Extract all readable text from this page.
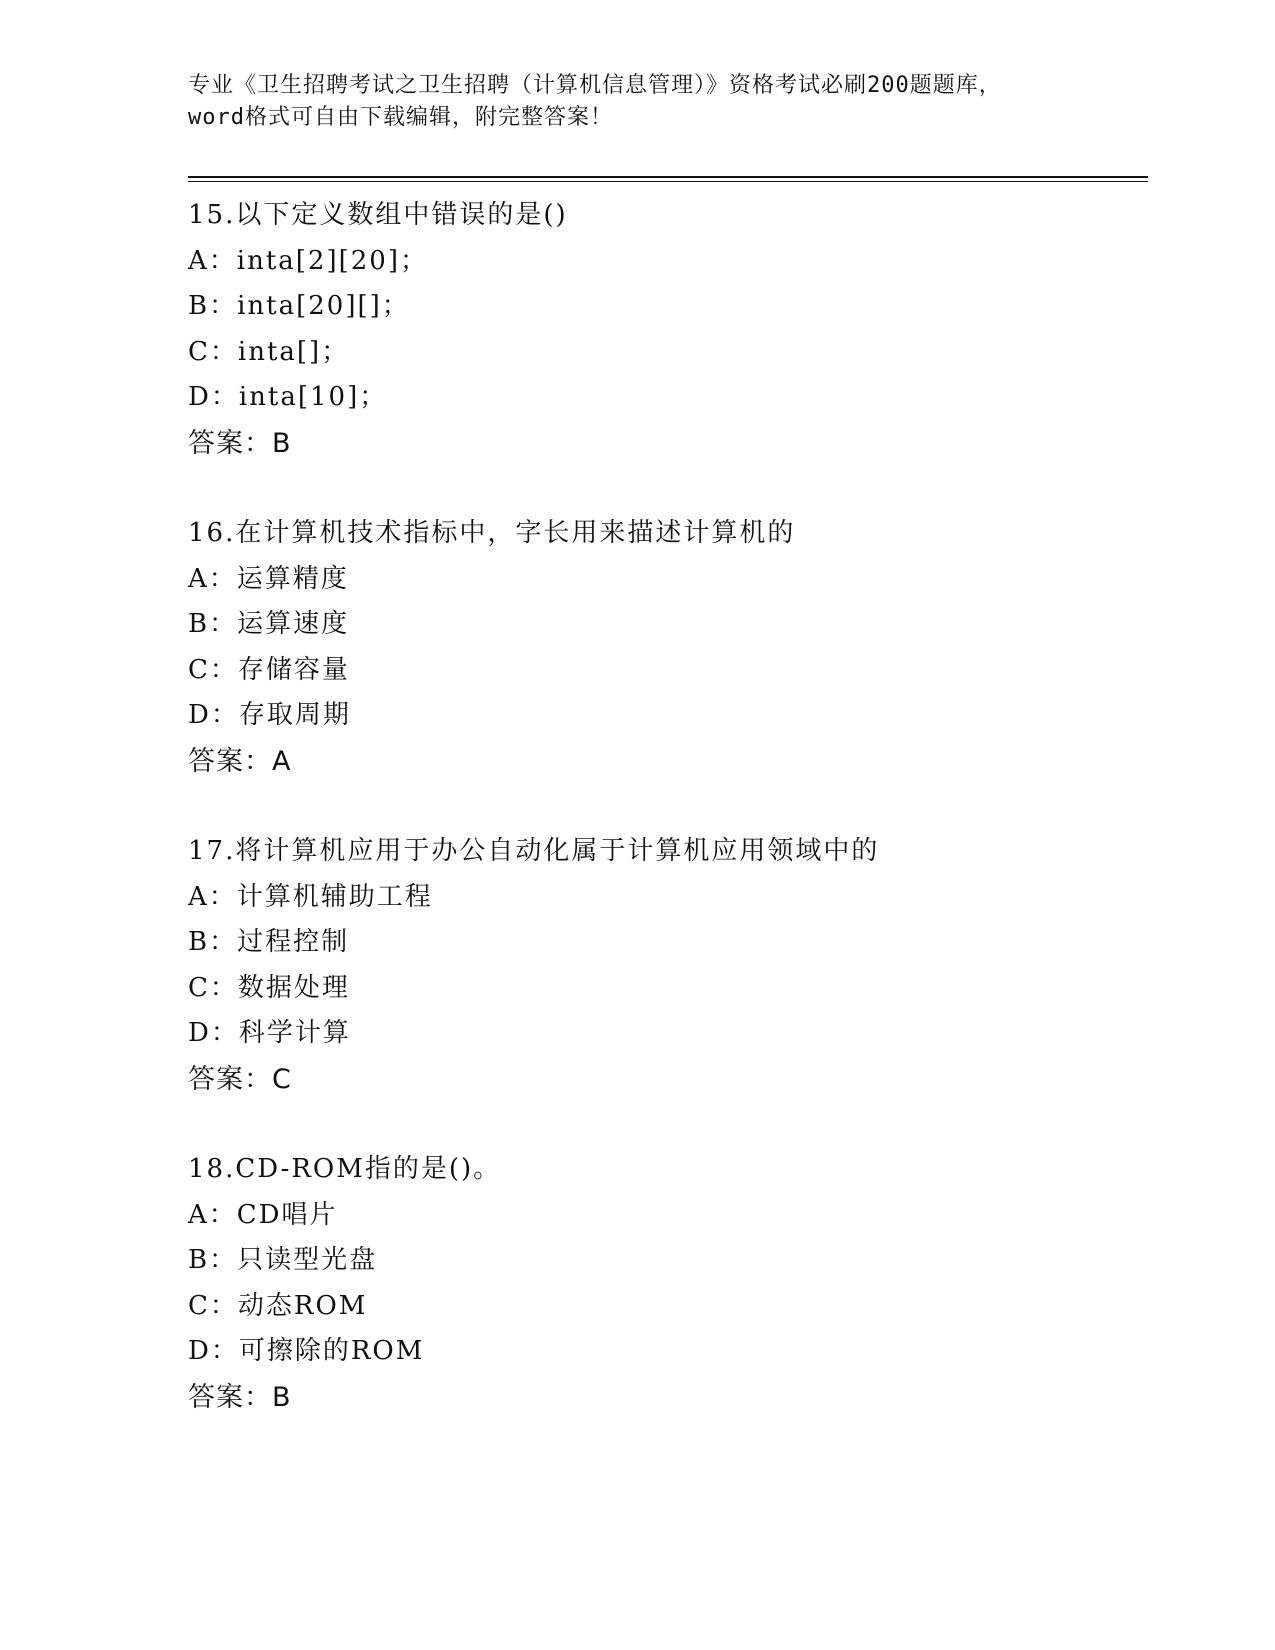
专业《卫生招聘考试之卫生招聘（计算机信息管理）》资格考试必刷200题题库，
word格式可自由下载编辑，附完整答案！
15.以下定义数组中错误的是()
A：inta[2][20]；
B：inta[20][]；
C：inta[]；
D：inta[10]；
答案：B
16.在计算机技术指标中，字长用来描述计算机的
A：运算精度
B：运算速度
C：存储容量
D：存取周期
答案：A
17.将计算机应用于办公自动化属于计算机应用领域中的
A：计算机辅助工程
B：过程控制
C：数据处理
D：科学计算
答案：C
18.CD-ROM指的是()。
A：CD唱片
B：只读型光盘
C：动态ROM
D：可擦除的ROM
答案：B
